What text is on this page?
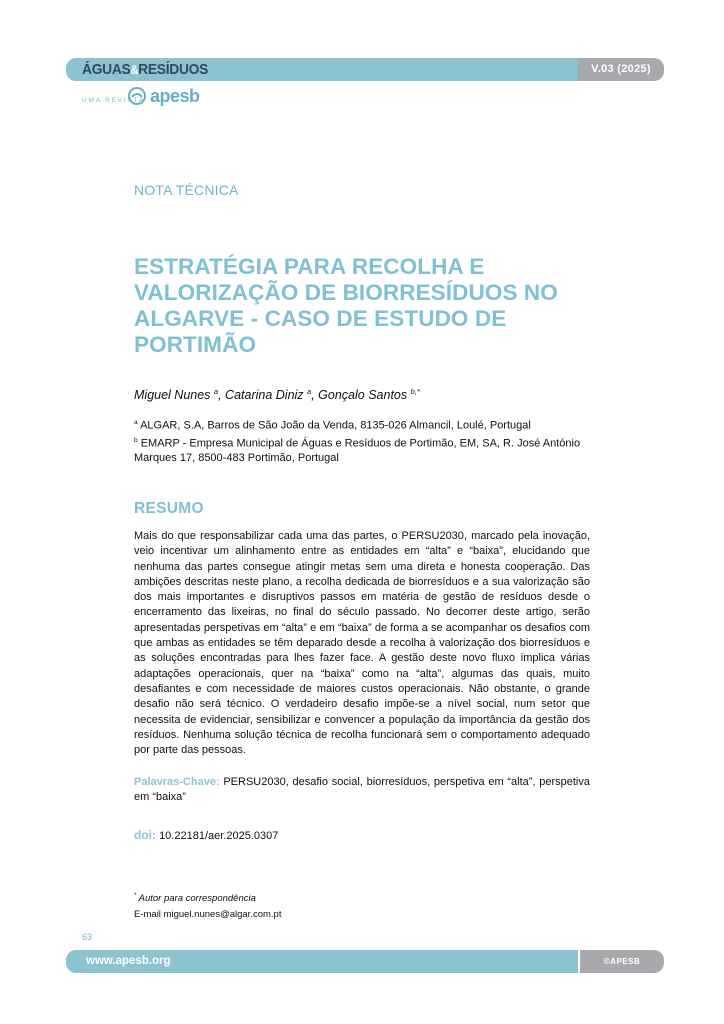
ÁGUAS&RESÍDUOS	V.03 (2025)
UMA REVISTA apesb
NOTA TÉCNICA
ESTRATÉGIA PARA RECOLHA E VALORIZAÇÃO DE BIORRESÍDUOS NO ALGARVE - CASO DE ESTUDO DE PORTIMÃO
Miguel Nunes $^a$, Catarina Diniz $^a$, Gonçalo Santos $^{b,*}$
$^a$ ALGAR, S.A, Barros de São João da Venda, 8135-026 Almancil, Loulé, Portugal
$^b$ EMARP - Empresa Municipal de Águas e Resíduos de Portimão, EM, SA, R. José António Marques 17, 8500-483 Portimão, Portugal
RESUMO

Mais do que responsabilizar cada uma das partes, o PERSU2030, marcado pela inovação, veio incentivar um alinhamento entre as entidades em “alta” e “baixa”, elucidando que nenhuma das partes consegue atingir metas sem uma direta e honesta cooperação. Das ambições descritas neste plano, a recolha dedicada de biorresíduos e a sua valorização são dos mais importantes e disruptivos passos em matéria de gestão de resíduos desde o encerramento das lixeiras, no final do século passado. No decorrer deste artigo, serão apresentadas perspetivas em “alta” e em “baixa” de forma a se acompanhar os desafios com que ambas as entidades se têm deparado desde a recolha à valorização dos biorresíduos e as soluções encontradas para lhes fazer face. A gestão deste novo fluxo implica várias adaptações operacionais, quer na “baixa” como na “alta”, algumas das quais, muito desafiantes e com necessidade de maiores custos operacionais. Não obstante, o grande desafio não será técnico. O verdadeiro desafio impõe-se a nível social, num setor que necessita de evidenciar, sensibilizar e convencer a população da importância da gestão dos resíduos. Nenhuma solução técnica de recolha funcionará sem o comportamento adequado por parte das pessoas.

Palavras-Chave: PERSU2030, desafio social, biorresíduos, perspetiva em “alta”, perspetiva em “baixa”

doi: 10.22181/aer.2025.0307
* Autor para correspondência
E-mail miguel.nunes@algar.com.pt
63
www.apesb.org	©APESB
